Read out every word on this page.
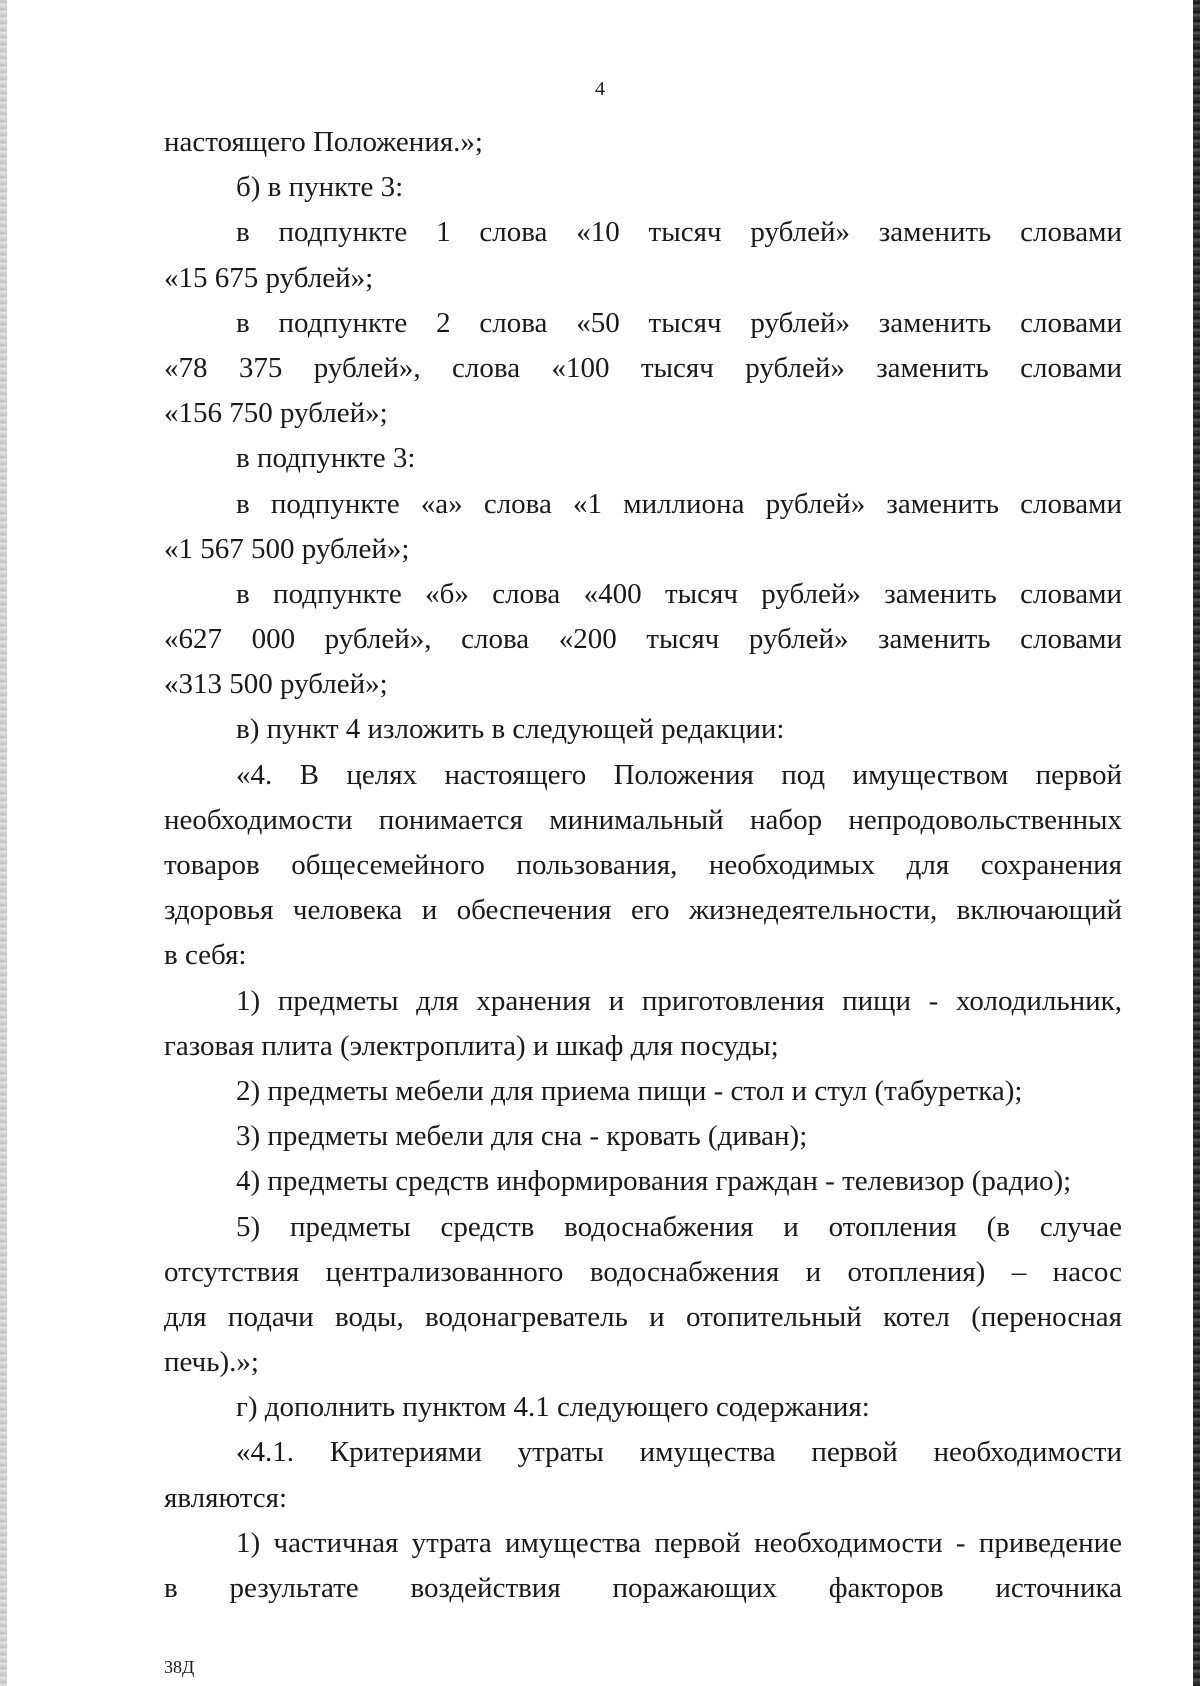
4
настоящего Положения.»;
б) в пункте 3:
в подпункте 1 слова «10 тысяч рублей» заменить словами
«15 675 рублей»;
в подпункте 2 слова «50 тысяч рублей» заменить словами
«78 375 рублей», слова «100 тысяч рублей» заменить словами
«156 750 рублей»;
в подпункте 3:
в подпункте «а» слова «1 миллиона рублей» заменить словами
«1 567 500 рублей»;
в подпункте «б» слова «400 тысяч рублей» заменить словами
«627 000 рублей», слова «200 тысяч рублей» заменить словами
«313 500 рублей»;
в) пункт 4 изложить в следующей редакции:
«4. В целях настоящего Положения под имуществом первой
необходимости понимается минимальный набор непродовольственных
товаров общесемейного пользования, необходимых для сохранения
здоровья человека и обеспечения его жизнедеятельности, включающий
в себя:
1) предметы для хранения и приготовления пищи - холодильник,
газовая плита (электроплита) и шкаф для посуды;
2) предметы мебели для приема пищи - стол и стул (табуретка);
3) предметы мебели для сна - кровать (диван);
4) предметы средств информирования граждан - телевизор (радио);
5) предметы средств водоснабжения и отопления (в случае
отсутствия централизованного водоснабжения и отопления) – насос
для подачи воды, водонагреватель и отопительный котел (переносная
печь).»;
г) дополнить пунктом 4.1 следующего содержания:
«4.1. Критериями утраты имущества первой необходимости
являются:
1) частичная утрата имущества первой необходимости - приведение
в результате воздействия поражающих факторов источника
38Д
